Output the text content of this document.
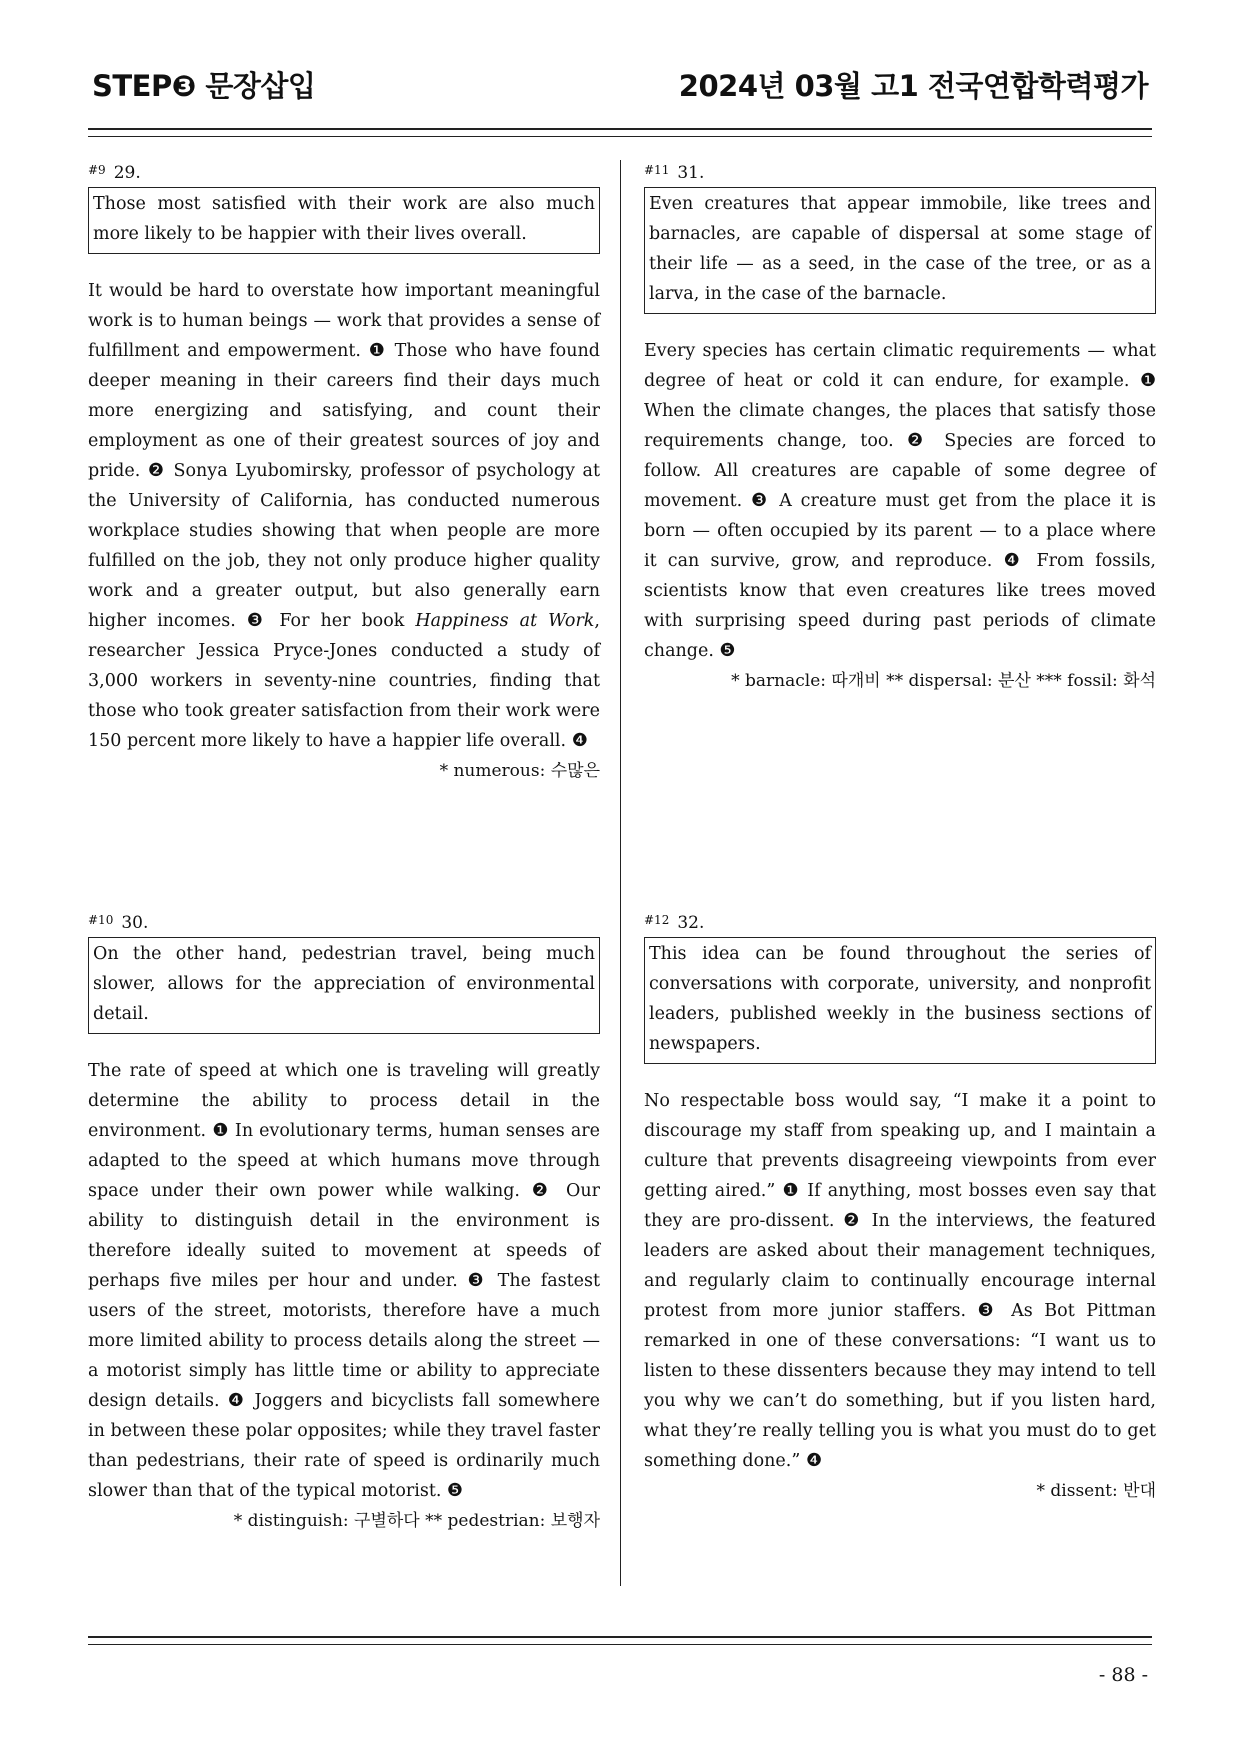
STEP❸ 문장삽입	2024년 03월 고1 전국연합학력평가
$^{\#9}$ 29.
Those most satisfied with their work are also much more likely to be happier with their lives overall.
It would be hard to overstate how important meaningful work is to human beings — work that provides a sense of fulfillment and empowerment. ❶ Those who have found deeper meaning in their careers find their days much more energizing and satisfying, and count their employment as one of their greatest sources of joy and pride. ❷ Sonya Lyubomirsky, professor of psychology at the University of California, has conducted numerous workplace studies showing that when people are more fulfilled on the job, they not only produce higher quality work and a greater output, but also generally earn higher incomes. ❸ For her book Happiness at Work, researcher Jessica Pryce-Jones conducted a study of 3,000 workers in seventy-nine countries, finding that those who took greater satisfaction from their work were 150 percent more likely to have a happier life overall. ❹
* numerous: 수많은
$^{\#10}$ 30.
On the other hand, pedestrian travel, being much slower, allows for the appreciation of environmental detail.
The rate of speed at which one is traveling will greatly determine the ability to process detail in the environment. ❶ In evolutionary terms, human senses are adapted to the speed at which humans move through space under their own power while walking. ❷ Our ability to distinguish detail in the environment is therefore ideally suited to movement at speeds of perhaps five miles per hour and under. ❸ The fastest users of the street, motorists, therefore have a much more limited ability to process details along the street — a motorist simply has little time or ability to appreciate design details. ❹ Joggers and bicyclists fall somewhere in between these polar opposites; while they travel faster than pedestrians, their rate of speed is ordinarily much slower than that of the typical motorist. ❺
* distinguish: 구별하다 ** pedestrian: 보행자
$^{\#11}$ 31.
Even creatures that appear immobile, like trees and barnacles, are capable of dispersal at some stage of their life — as a seed, in the case of the tree, or as a larva, in the case of the barnacle.
Every species has certain climatic requirements — what degree of heat or cold it can endure, for example. ❶ When the climate changes, the places that satisfy those requirements change, too. ❷ Species are forced to follow. All creatures are capable of some degree of movement. ❸ A creature must get from the place it is born — often occupied by its parent — to a place where it can survive, grow, and reproduce. ❹ From fossils, scientists know that even creatures like trees moved with surprising speed during past periods of climate change. ❺
* barnacle: 따개비 ** dispersal: 분산 *** fossil: 화석
$^{\#12}$ 32.
This idea can be found throughout the series of conversations with corporate, university, and nonprofit leaders, published weekly in the business sections of newspapers.
No respectable boss would say, “I make it a point to discourage my staff from speaking up, and I maintain a culture that prevents disagreeing viewpoints from ever getting aired.” ❶ If anything, most bosses even say that they are pro-dissent. ❷ In the interviews, the featured leaders are asked about their management techniques, and regularly claim to continually encourage internal protest from more junior staffers. ❸ As Bot Pittman remarked in one of these conversations: “I want us to listen to these dissenters because they may intend to tell you why we can’t do something, but if you listen hard, what they’re really telling you is what you must do to get something done.” ❹
* dissent: 반대
- 88 -
